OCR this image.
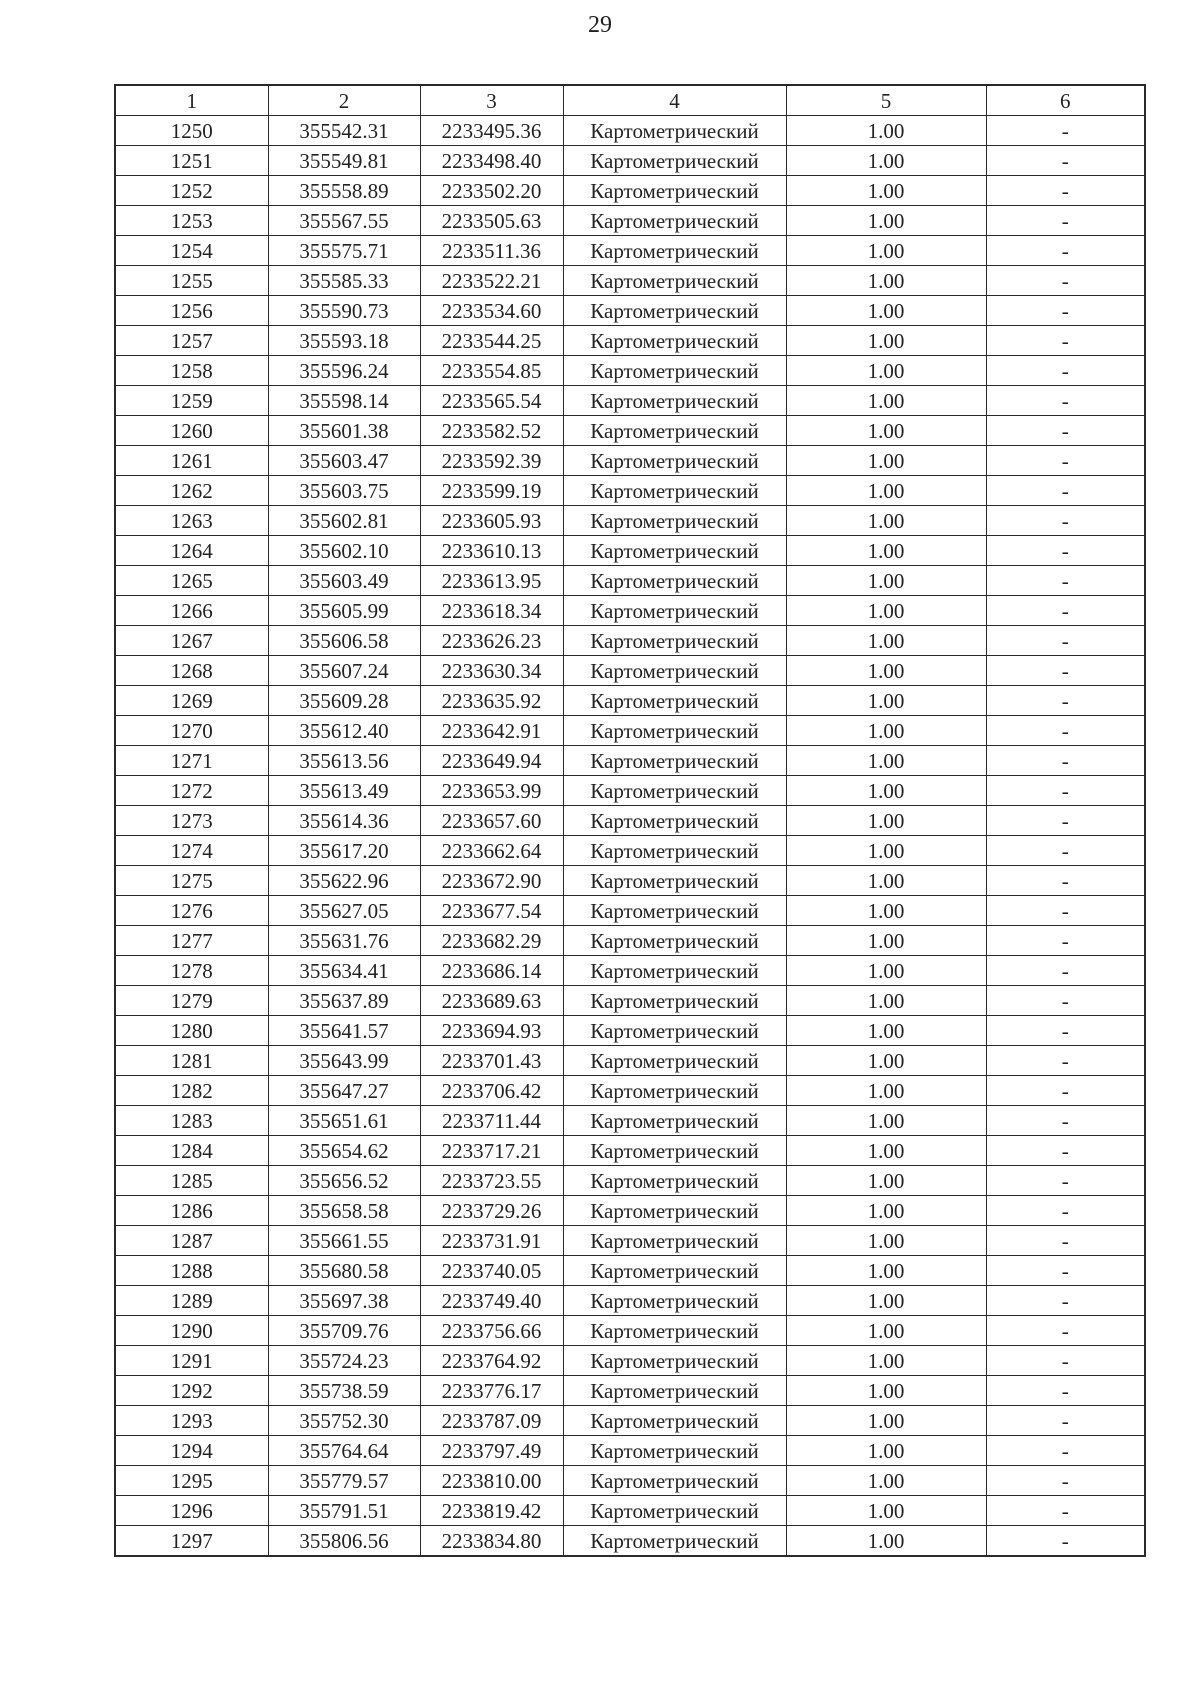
29
1	2	3	4	5	6
1250	355542.31	2233495.36	Картометрический	1.00	-
1251	355549.81	2233498.40	Картометрический	1.00	-
1252	355558.89	2233502.20	Картометрический	1.00	-
1253	355567.55	2233505.63	Картометрический	1.00	-
1254	355575.71	2233511.36	Картометрический	1.00	-
1255	355585.33	2233522.21	Картометрический	1.00	-
1256	355590.73	2233534.60	Картометрический	1.00	-
1257	355593.18	2233544.25	Картометрический	1.00	-
1258	355596.24	2233554.85	Картометрический	1.00	-
1259	355598.14	2233565.54	Картометрический	1.00	-
1260	355601.38	2233582.52	Картометрический	1.00	-
1261	355603.47	2233592.39	Картометрический	1.00	-
1262	355603.75	2233599.19	Картометрический	1.00	-
1263	355602.81	2233605.93	Картометрический	1.00	-
1264	355602.10	2233610.13	Картометрический	1.00	-
1265	355603.49	2233613.95	Картометрический	1.00	-
1266	355605.99	2233618.34	Картометрический	1.00	-
1267	355606.58	2233626.23	Картометрический	1.00	-
1268	355607.24	2233630.34	Картометрический	1.00	-
1269	355609.28	2233635.92	Картометрический	1.00	-
1270	355612.40	2233642.91	Картометрический	1.00	-
1271	355613.56	2233649.94	Картометрический	1.00	-
1272	355613.49	2233653.99	Картометрический	1.00	-
1273	355614.36	2233657.60	Картометрический	1.00	-
1274	355617.20	2233662.64	Картометрический	1.00	-
1275	355622.96	2233672.90	Картометрический	1.00	-
1276	355627.05	2233677.54	Картометрический	1.00	-
1277	355631.76	2233682.29	Картометрический	1.00	-
1278	355634.41	2233686.14	Картометрический	1.00	-
1279	355637.89	2233689.63	Картометрический	1.00	-
1280	355641.57	2233694.93	Картометрический	1.00	-
1281	355643.99	2233701.43	Картометрический	1.00	-
1282	355647.27	2233706.42	Картометрический	1.00	-
1283	355651.61	2233711.44	Картометрический	1.00	-
1284	355654.62	2233717.21	Картометрический	1.00	-
1285	355656.52	2233723.55	Картометрический	1.00	-
1286	355658.58	2233729.26	Картометрический	1.00	-
1287	355661.55	2233731.91	Картометрический	1.00	-
1288	355680.58	2233740.05	Картометрический	1.00	-
1289	355697.38	2233749.40	Картометрический	1.00	-
1290	355709.76	2233756.66	Картометрический	1.00	-
1291	355724.23	2233764.92	Картометрический	1.00	-
1292	355738.59	2233776.17	Картометрический	1.00	-
1293	355752.30	2233787.09	Картометрический	1.00	-
1294	355764.64	2233797.49	Картометрический	1.00	-
1295	355779.57	2233810.00	Картометрический	1.00	-
1296	355791.51	2233819.42	Картометрический	1.00	-
1297	355806.56	2233834.80	Картометрический	1.00	-
